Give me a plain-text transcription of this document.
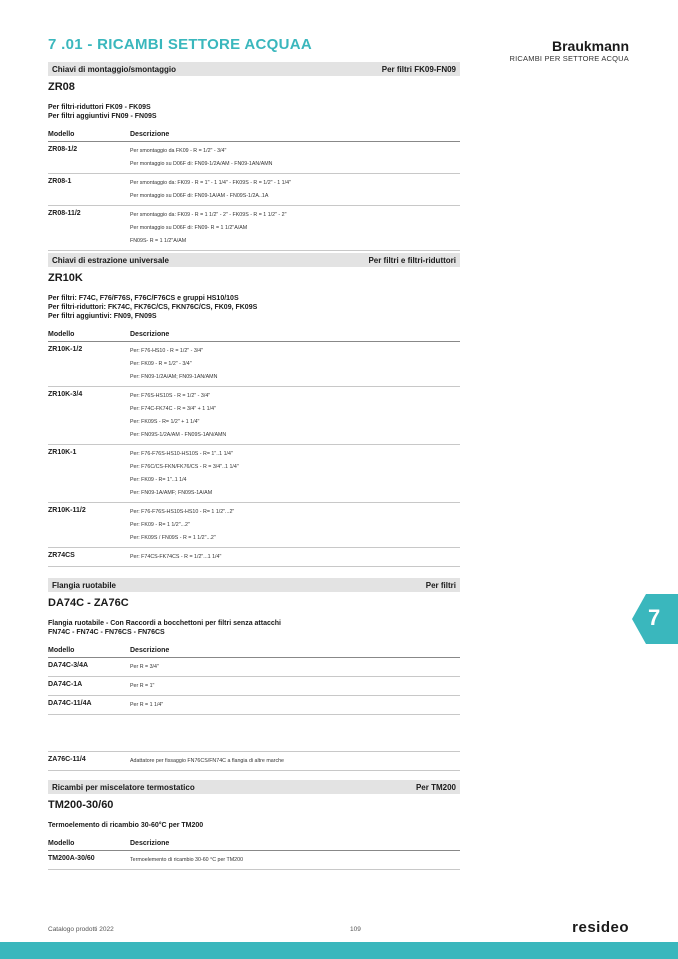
7 .01 - RICAMBI SETTORE ACQUAA	Braukmann
RICAMBI PER SETTORE ACQUA
Chiavi di montaggio/smontaggio	Per filtri FK09-FN09
ZR08
Per filtri-riduttori FK09 - FK09S
Per filtri aggiuntivi FN09 - FN09S
Modello	Descrizione
ZR08-1/2	Per smontaggio da FK09 - R = 1/2" - 3/4"
Per montaggio su D06F di: FN09-1/2A/AM - FN09-1AN/AMN
ZR08-1	Per smontaggio da: FK09 - R = 1" - 1 1/4" - FK09S - R = 1/2" - 1 1/4"
Per montaggio su D06F di: FN09-1A/AM - FN09S-1/2A..1A
ZR08-11/2	Per smontaggio da: FK09 - R = 1 1/2" - 2" - FK09S - R = 1 1/2" - 2"
Per montaggio su D06F di: FN09- R = 1 1/2"A/AM
FN09S- R = 1 1/2"A/AM
Chiavi di estrazione universale	Per filtri e filtri-riduttori
ZR10K
Per filtri: F74C, F76/F76S, F76C/F76CS e gruppi HS10/10S
Per filtri-riduttori: FK74C, FK76C/CS, FKN76C/CS, FK09, FK09S
Per filtri aggiuntivi: FN09, FN09S
Modello	Descrizione
ZR10K-1/2	Per: F76-HS10 - R = 1/2" - 3/4"
Per: FK09 - R = 1/2" - 3/4"
Per: FN09-1/2A/AM; FN09-1AN/AMN
ZR10K-3/4	Per: F76S-HS10S - R = 1/2" - 3/4"
Per: F74C-FK74C - R = 3/4" + 1 1/4"
Per: FK09S - R= 1/2" + 1 1/4"
Per: FN09S-1/2A/AM - FN09S-1AN/AMN
ZR10K-1	Per: F76-F76S-HS10-HS10S - R= 1"..1 1/4"
Per: F76C/CS-FKN/FK76/CS - R = 3/4"..1 1/4"
Per: FK09 - R= 1"..1 1/4
Per: FN09-1A/AMF; FN09S-1A/AM
ZR10K-11/2	Per: F76-F76S-HS10S-HS10 - R= 1 1/2"...2"
Per: FK09 - R= 1 1/2"...2"
Per: FK09S / FN09S - R = 1 1/2"...2"
ZR74CS	Per: F74CS-FK74CS - R = 1/2"...1 1/4"
Flangia ruotabile	Per filtri
DA74C - ZA76C
Flangia ruotabile - Con Raccordi a bocchettoni per filtri senza attacchi
FN74C - FN74C - FN76CS - FN76CS
Modello	Descrizione
DA74C-3/4A	Per R = 3/4"
DA74C-1A	Per R = 1"
DA74C-11/4A	Per R = 1 1/4"
ZA76C-11/4	Adattatore per fissaggio FN76CS/FN74C a flangia di altre marche
Ricambi per miscelatore termostatico	Per TM200
TM200-30/60
Termoelemento di ricambio 30-60°C per TM200
Modello	Descrizione
TM200A-30/60	Termoelemento di ricambio 30-60 °C per TM200
7
Catalogo prodotti 2022	109	resideo
